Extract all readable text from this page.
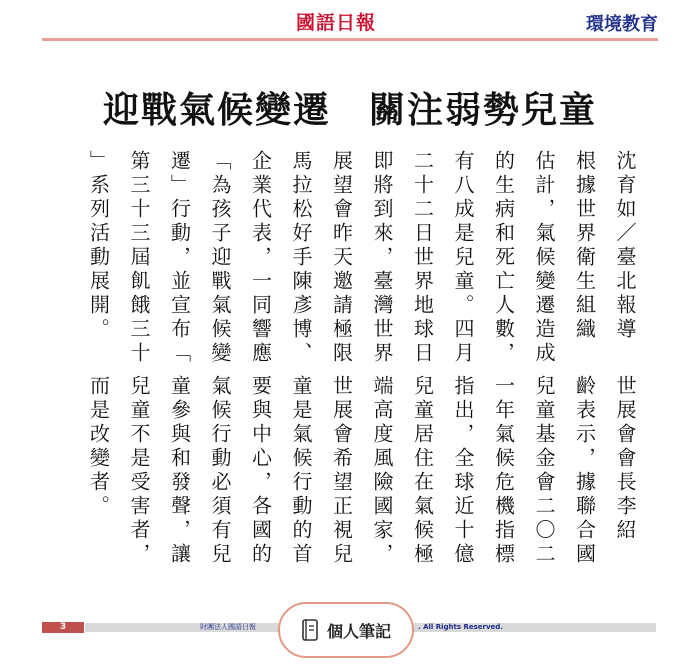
國語日報	環境教育
迎戰氣候變遷　關注弱勢兒童
沈育如／臺北報導
根據世界衛生組織
估計，氣候變遷造成
的生病和死亡人數，
有八成是兒童。四月
二十二日世界地球日
即將到來，臺灣世界
展望會昨天邀請極限
馬拉松好手陳彥博、
企業代表，一同響應
「為孩子迎戰氣候變
遷」行動，並宣布「
第三十三屆飢餓三十
」系列活動展開。
世展會會長李紹
齡表示，據聯合國
兒童基金會二〇二
一年氣候危機指標
指出，全球近十億
兒童居住在氣候極
端高度風險國家，
世展會希望正視兒
童是氣候行動的首
要與中心，各國的
氣候行動必須有兒
童參與和發聲，讓
兒童不是受害者，
而是改變者。
3	財團法人國語日報	. All Rights Reserved.
個人筆記
